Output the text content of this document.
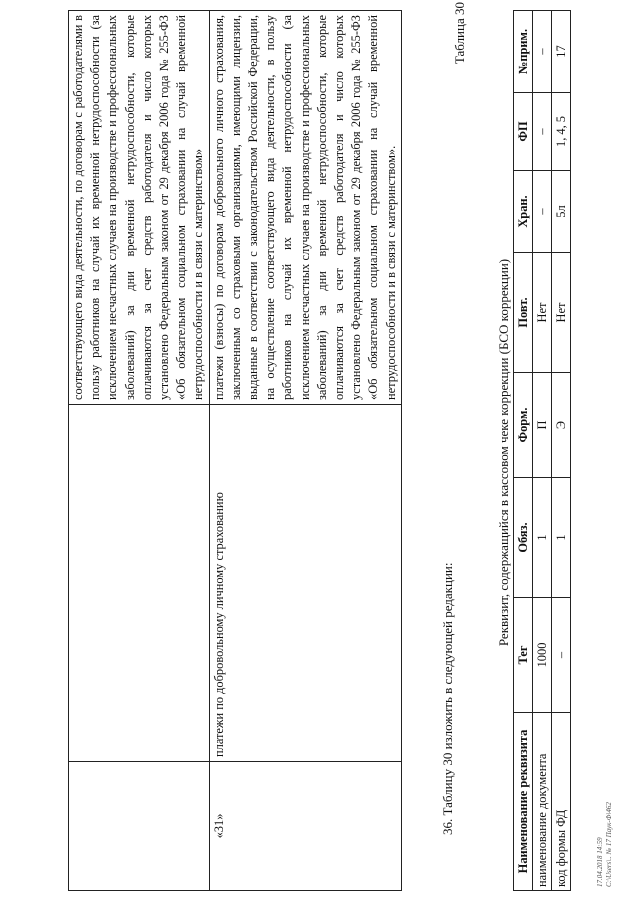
		соответствующего вида деятельности, по договорам с работодателями в пользу работников на случай их временной нетрудоспособности (за исключением несчастных случаев на производстве и профессиональных заболеваний) за дни временной нетрудоспособности, которые оплачиваются за счет средств работодателя и число которых установлено Федеральным законом от 29 декабря 2006 года № 255-ФЗ «Об обязательном социальном страховании на случай временной нетрудоспособности и в связи с материнством»
«31»	платежи по добровольному личному страхованию	платежи (взносы) по договорам добровольного личного страхования, заключенным со страховыми организациями, имеющими лицензии, выданные в соответствии с законодательством Российской Федерации, на осуществление соответствующего вида деятельности, в пользу работников на случай их временной нетрудоспособности (за исключением несчастных случаев на производстве и профессиональных заболеваний) за дни временной нетрудоспособности, которые оплачиваются за счет средств работодателя и число которых установлено Федеральным законом от 29 декабря 2006 года № 255-ФЗ «Об обязательном социальном страховании на случай временной нетрудоспособности и в связи с материнством».
36. Таблицу 30 изложить в следующей редакции:
Таблица 30
Реквизит, содержащийся в кассовом чеке коррекции (БСО коррекции)
Наименование реквизита	Тег	Обяз.	Форм.	Повт.	Хран.	ФП	№прим.
наименование документа	1000	1	П	Нет	–	–	–
код формы ФД	–	1	Э	Нет	5л	1, 4, 5	17
17.04.2018 14:59 С:\Users\.. № 17 Паук-Ф\462
